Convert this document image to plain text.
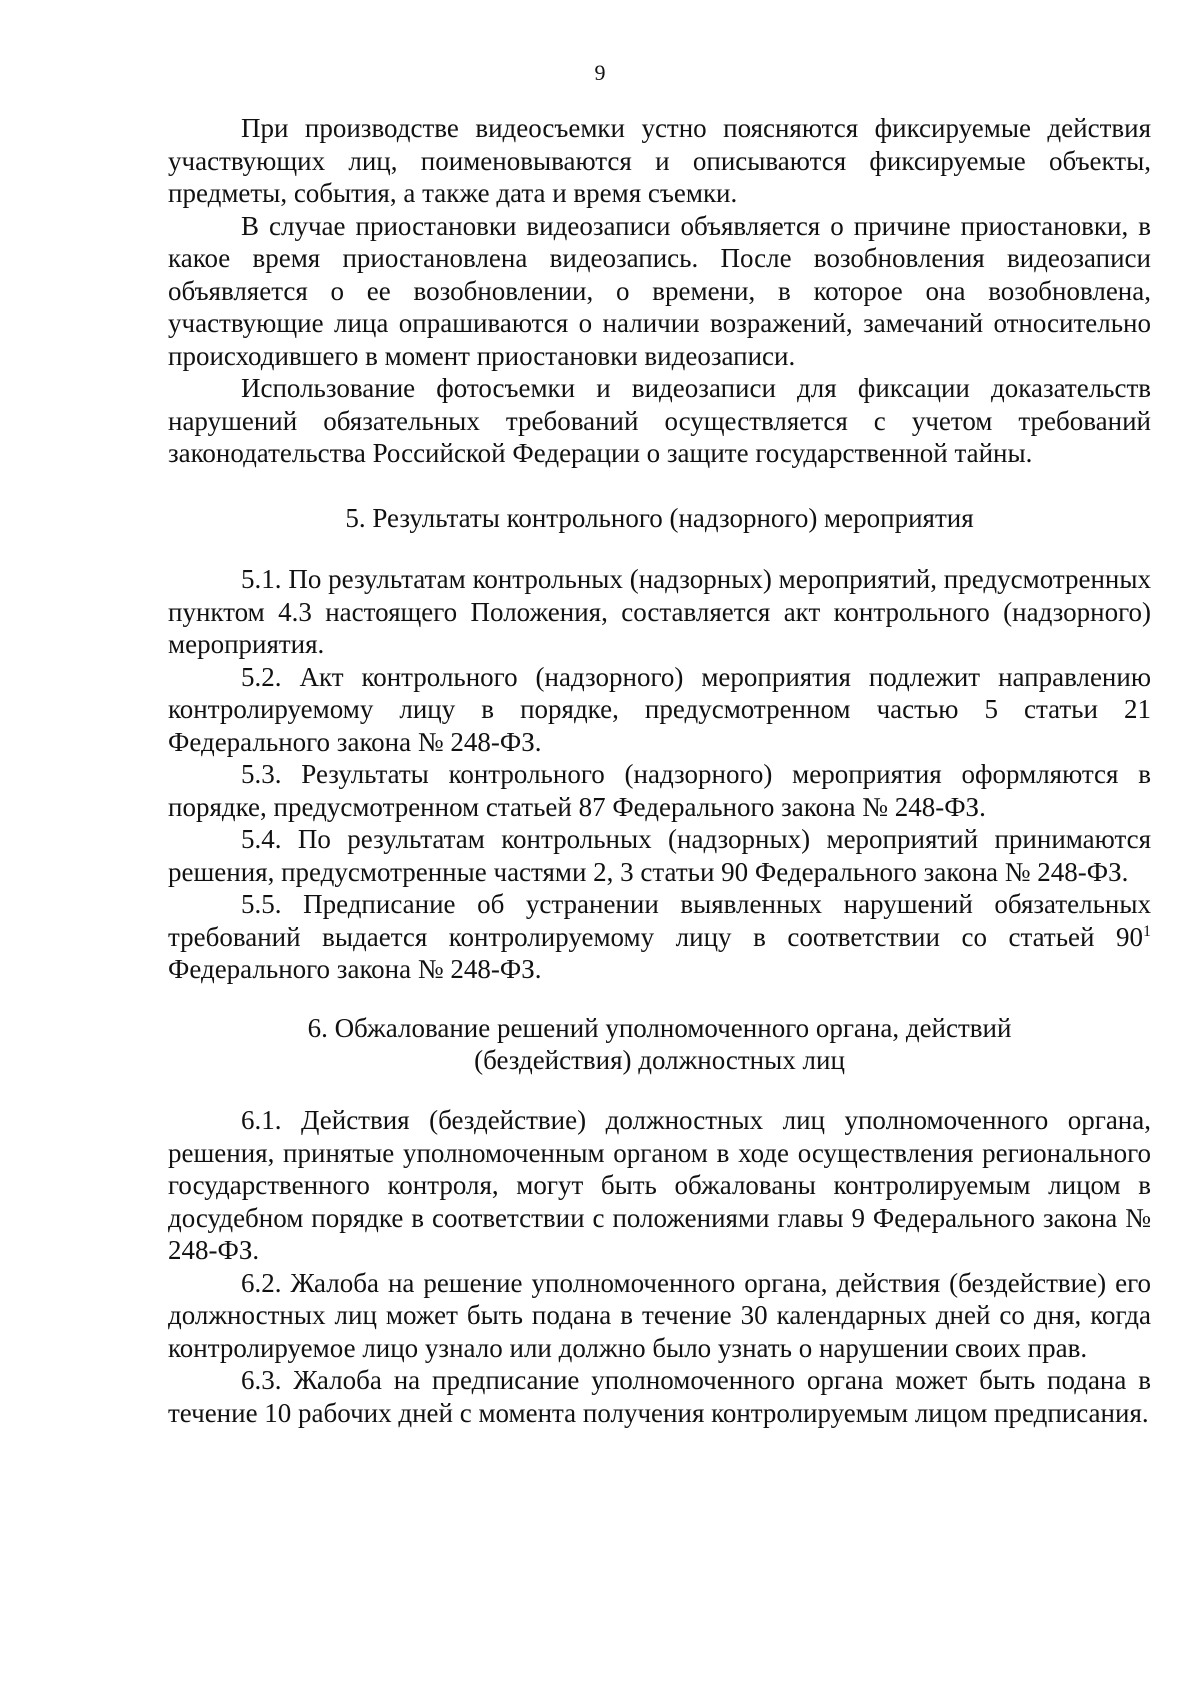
9

При производстве видеосъемки устно поясняются фиксируемые действия участвующих лиц, поименовываются и описываются фиксируемые объекты, предметы, события, а также дата и время съемки.

В случае приостановки видеозаписи объявляется о причине приостановки, в какое время приостановлена видеозапись. После возобновления видеозаписи объявляется о ее возобновлении, о времени, в которое она возобновлена, участвующие лица опрашиваются о наличии возражений, замечаний относительно происходившего в момент приостановки видеозаписи.

Использование фотосъемки и видеозаписи для фиксации доказательств нарушений обязательных требований осуществляется с учетом требований законодательства Российской Федерации о защите государственной тайны.

5. Результаты контрольного (надзорного) мероприятия

5.1. По результатам контрольных (надзорных) мероприятий, предусмотренных пунктом 4.3 настоящего Положения, составляется акт контрольного (надзорного) мероприятия.

5.2. Акт контрольного (надзорного) мероприятия подлежит направлению контролируемому лицу в порядке, предусмотренном частью 5 статьи 21 Федерального закона № 248-ФЗ.

5.3. Результаты контрольного (надзорного) мероприятия оформляются в порядке, предусмотренном статьей 87 Федерального закона № 248-ФЗ.

5.4. По результатам контрольных (надзорных) мероприятий принимаются решения, предусмотренные частями 2, 3 статьи 90 Федерального закона № 248-ФЗ.

5.5. Предписание об устранении выявленных нарушений обязательных требований выдается контролируемому лицу в соответствии со статьей $90^1$ Федерального закона № 248-ФЗ.

6. Обжалование решений уполномоченного органа, действий
(бездействия) должностных лиц

6.1. Действия (бездействие) должностных лиц уполномоченного органа, решения, принятые уполномоченным органом в ходе осуществления регионального государственного контроля, могут быть обжалованы контролируемым лицом в досудебном порядке в соответствии с положениями главы 9 Федерального закона № 248-ФЗ.

6.2. Жалоба на решение уполномоченного органа, действия (бездействие) его должностных лиц может быть подана в течение 30 календарных дней со дня, когда контролируемое лицо узнало или должно было узнать о нарушении своих прав.

6.3. Жалоба на предписание уполномоченного органа может быть подана в течение 10 рабочих дней с момента получения контролируемым лицом предписания.
